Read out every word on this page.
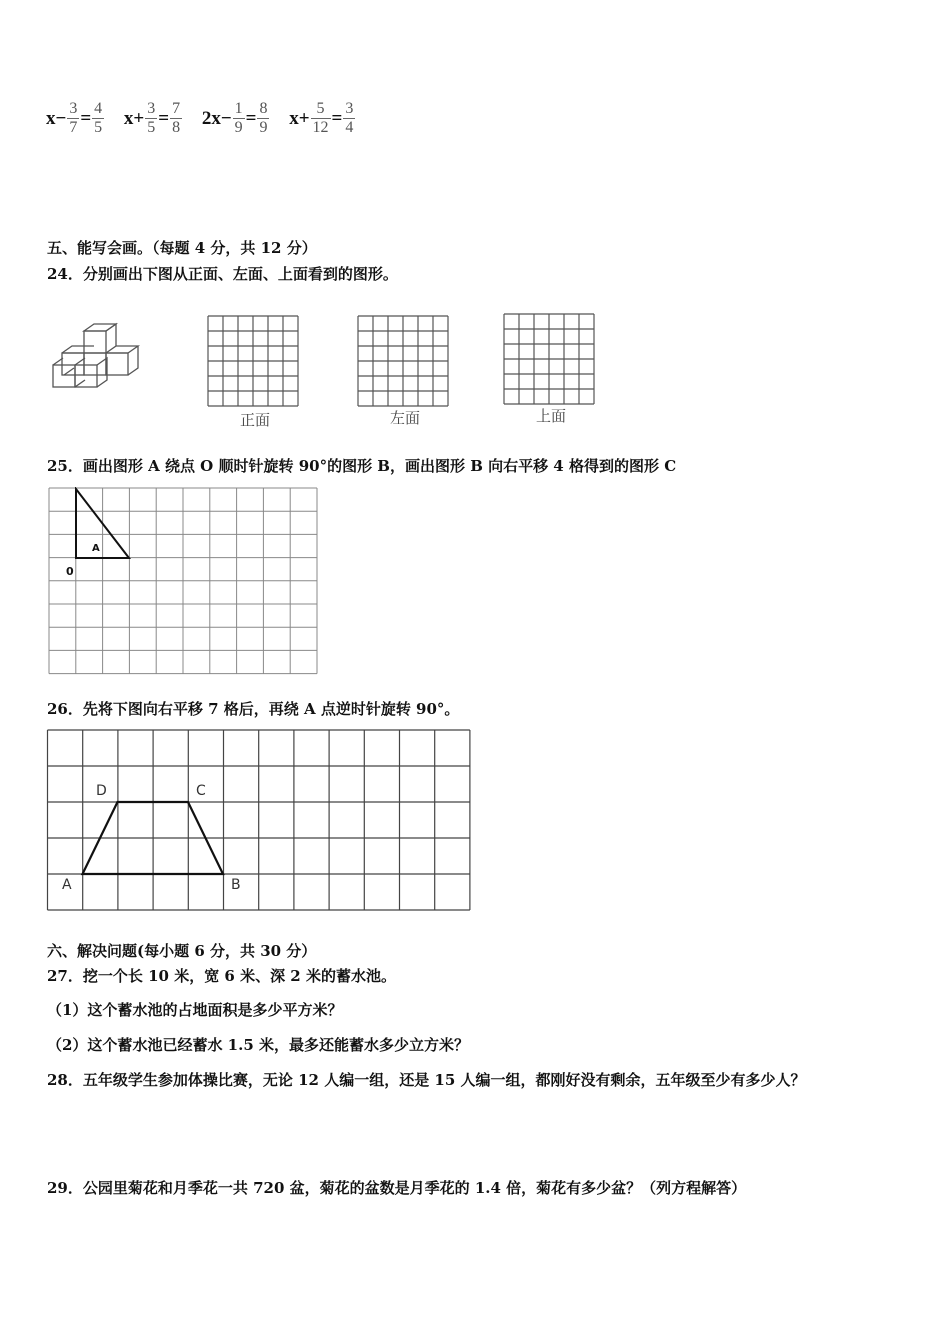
$x- \frac{3}{7} = \frac{4}{5} x+ \frac{3}{5} = \frac{7}{8} 2x- \frac{1}{9} = \frac{8}{9} x+ \frac{5}{12} = \frac{3}{4}$
五、能写会画。（每题 4 分，共 12 分）
24．分别画出下图从正面、左面、上面看到的图形。
正面	左面	上面
25．画出图形 A 绕点 O 顺时针旋转 90°的图形 B，画出图形 B 向右平移 4 格得到的图形 C
A
0
26．先将下图向右平移 7 格后，再绕 A 点逆时针旋转 90°。
D	C
A	B
六、解决问题(每小题 6 分，共 30 分）
27．挖一个长 10 米，宽 6 米、深 2 米的蓄水池。
（1）这个蓄水池的占地面积是多少平方米？
（2）这个蓄水池已经蓄水 1.5 米，最多还能蓄水多少立方米？
28．五年级学生参加体操比赛，无论 12 人编一组，还是 15 人编一组，都刚好没有剩余，五年级至少有多少人？
29．公园里菊花和月季花一共 720 盆，菊花的盆数是月季花的 1.4 倍，菊花有多少盆？（列方程解答）
